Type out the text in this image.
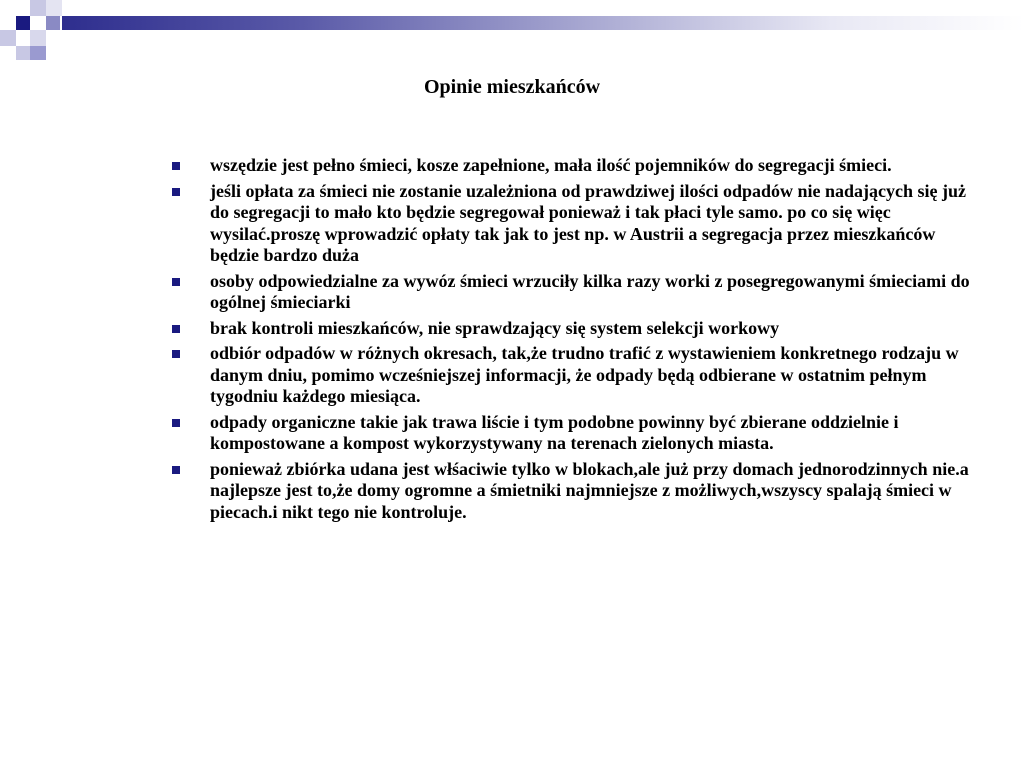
Opinie mieszkańców
wszędzie jest pełno śmieci, kosze zapełnione, mała ilość pojemników do segregacji śmieci.
jeśli opłata za śmieci nie zostanie uzależniona od prawdziwej ilości odpadów nie nadających się już do segregacji to mało kto będzie segregował ponieważ i tak płaci tyle samo. po co się więc wysilać.proszę wprowadzić opłaty tak jak to jest np. w Austrii a segregacja przez mieszkańców będzie bardzo duża
osoby odpowiedzialne za wywóz śmieci wrzuciły kilka razy worki z posegregowanymi śmieciami do ogólnej śmieciarki
brak kontroli mieszkańców, nie sprawdzający się system selekcji workowy
odbiór odpadów w różnych okresach, tak,że trudno trafić z wystawieniem konkretnego rodzaju w danym dniu, pomimo wcześniejszej informacji, że odpady będą odbierane w ostatnim pełnym tygodniu każdego miesiąca.
odpady organiczne takie jak trawa liście i tym podobne powinny być zbierane oddzielnie i kompostowane a kompost wykorzystywany na terenach zielonych miasta.
ponieważ zbiórka udana jest włśaciwie tylko w blokach,ale już przy domach jednorodzinnych nie.a najlepsze jest to,że domy ogromne a śmietniki najmniejsze z możliwych,wszyscy spalają śmieci w piecach.i nikt tego nie kontroluje.
